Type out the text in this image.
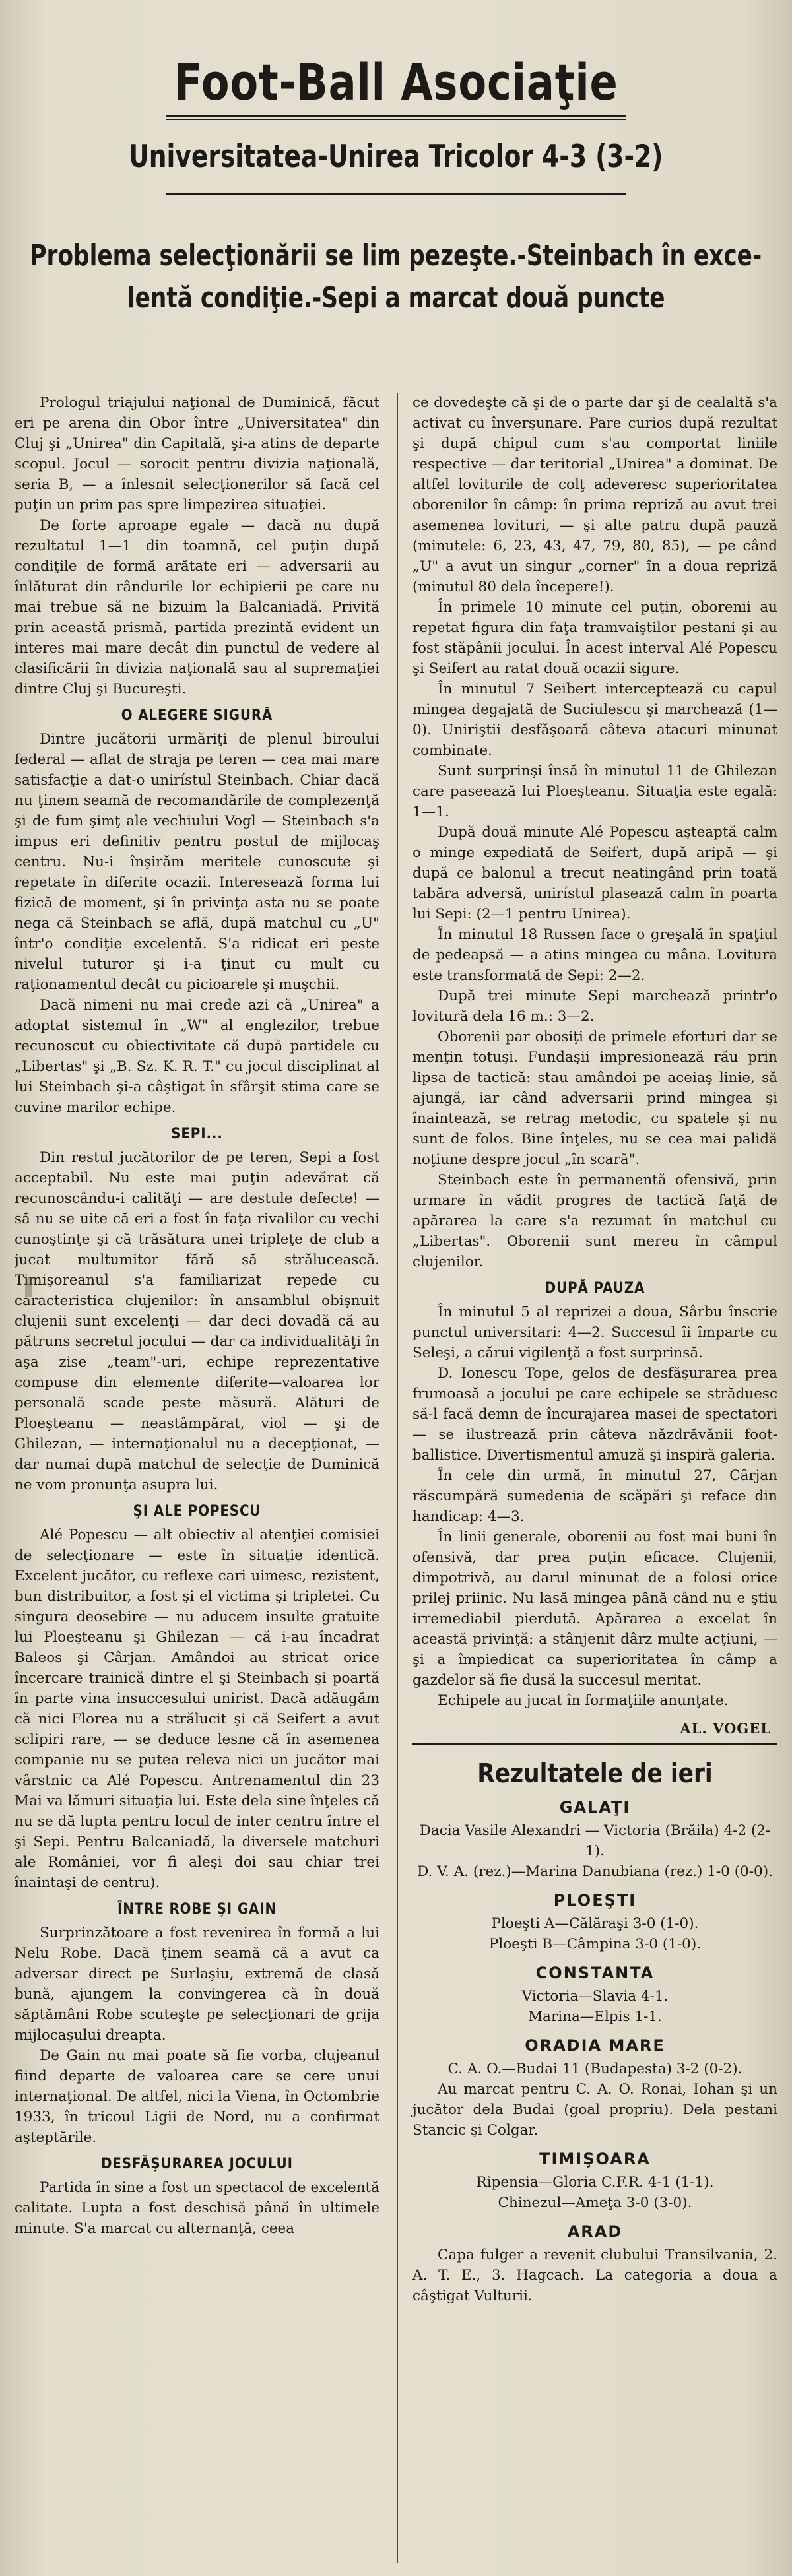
Foot-Ball Asociaţie
Universitatea-Unirea Tricolor 4-3 (3-2)
Problema selecţionării se lim pezeşte.-Steinbach în exce-
lentă condiţie.-Sepi a marcat două puncte

Prologul triajului naţional de Duminică, făcut eri pe arena din Obor între „Universitatea" din Cluj şi „Unirea" din Capitală, şi-a atins de departe scopul. Jocul — sorocit pentru divizia naţională, seria B, — a înlesnit selecţionerilor să facă cel puţin un prim pas spre limpezirea situaţiei.

De forte aproape egale — dacă nu după rezultatul 1—1 din toamnă, cel puţin după condiţile de formă arătate eri — adversarii au înlăturat din rândurile lor echipierii pe care nu mai trebue să ne bizuim la Balcaniadă. Privită prin această prismă, partida prezintă evident un interes mai mare decât din punctul de vedere al clasificării în divizia naţională sau al supremaţiei dintre Cluj şi Bucureşti.

O ALEGERE SIGURĂ

Dintre jucătorii urmăriţi de plenul biroului federal — aflat de straja pe teren — cea mai mare satisfacţie a dat-o unirístul Steinbach. Chiar dacă nu ţinem seamă de recomandările de complezenţă şi de fum şimţ ale vechiului Vogl — Steinbach s'a impus eri definitiv pentru postul de mijlocaş centru. Nu-i înşirăm meritele cunoscute şi repetate în diferite ocazii. Interesează forma lui fizică de moment, şi în privinţa asta nu se poate nega că Steinbach se află, după matchul cu „U" într'o condiţie excelentă. S'a ridicat eri peste nivelul tuturor şi i-a ţinut cu mult cu raţionamentul decât cu picioarele şi muşchii.

Dacă nimeni nu mai crede azi că „Unirea" a adoptat sistemul în „W" al englezilor, trebue recunoscut cu obiectivitate că după partidele cu „Libertas" şi „B. Sz. K. R. T." cu jocul disciplinat al lui Steinbach şi-a câştigat în sfârşit stima care se cuvine marilor echipe.

SEPI...

Din restul jucătorilor de pe teren, Sepi a fost acceptabil. Nu este mai puţin adevărat că recunoscându-i calităţi — are destule defecte! — să nu se uite că eri a fost în faţa rivalilor cu vechi cunoştinţe şi că trăsătura unei tripleţe de club a jucat multumitor fără să strălucească. Timişoreanul s'a familiarizat repede cu caracteristica clujenilor: în ansamblul obişnuit clujenii sunt excelenţi — dar deci dovadă că au pătruns secretul jocului — dar ca individualităţi în aşa zise „team"-uri, echipe reprezentative compuse din elemente diferite—valoarea lor personală scade peste măsură. Alături de Ploeşteanu — neastâmpărat, viol — şi de Ghilezan, — internaţionalul nu a decepţionat, — dar numai după matchul de selecţie de Duminică ne vom pronunţa asupra lui.

ŞI ALE POPESCU

Alé Popescu — alt obiectiv al atenţiei comisiei de selecţionare — este în situaţie identică. Excelent jucător, cu reflexe cari uimesc, rezistent, bun distribuitor, a fost şi el victima şi tripletei. Cu singura deosebire — nu aducem insulte gratuite lui Ploeşteanu şi Ghilezan — că i-au încadrat Baleos şi Cârjan. Amândoi au stricat orice încercare trainică dintre el şi Steinbach şi poartă în parte vina insuccesului unirist. Dacă adăugăm că nici Florea nu a strălucit şi că Seifert a avut sclipiri rare, — se deduce lesne că în asemenea companie nu se putea releva nici un jucător mai vârstnic ca Alé Popescu. Antrenamentul din 23 Mai va lămuri situaţia lui. Este dela sine înţeles că nu se dă lupta pentru locul de inter centru între el şi Sepi. Pentru Balcaniadă, la diversele matchuri ale României, vor fi aleşi doi sau chiar trei înaintaşi de centru).

ÎNTRE ROBE ŞI GAIN

Surprinzătoare a fost revenirea în formă a lui Nelu Robe. Dacă ţinem seamă că a avut ca adversar direct pe Surlaşiu, extremă de clasă bună, ajungem la convingerea că în două săptămâni Robe scuteşte pe selecţionari de grija mijlocaşului dreapta.

De Gain nu mai poate să fie vorba, clujeanul fiind departe de valoarea care se cere unui internaţional. De altfel, nici la Viena, în Octombrie 1933, în tricoul Ligii de Nord, nu a confirmat aşteptările.

DESFĂŞURAREA JOCULUI

Partida în sine a fost un spectacol de excelentă calitate. Lupta a fost deschisă până în ultimele minute. S'a marcat cu alternanţă, ceea

ce dovedeşte că şi de o parte dar şi de cealaltă s'a activat cu înverşunare. Pare curios după rezultat şi după chipul cum s'au comportat liniile respective — dar teritorial „Unirea" a dominat. De altfel loviturile de colţ adeveresc superioritatea oborenilor în câmp: în prima repriză au avut trei asemenea lovituri, — şi alte patru după pauză (minutele: 6, 23, 43, 47, 79, 80, 85), — pe când „U" a avut un singur „corner" în a doua repriză (minutul 80 dela începere!).

În primele 10 minute cel puţin, oborenii au repetat figura din faţa tramvaiştilor pestani şi au fost stăpânii jocului. În acest interval Alé Popescu şi Seifert au ratat două ocazii sigure.

În minutul 7 Seibert interceptează cu capul mingea degajată de Suciulescu şi marchează (1—0). Uniriştii desfăşoară câteva atacuri minunat combinate.

Sunt surprinşi însă în minutul 11 de Ghilezan care paseează lui Ploeşteanu. Situaţia este egală: 1—1.

După două minute Alé Popescu aşteaptă calm o minge expediată de Seifert, după aripă — şi după ce balonul a trecut neatingând prin toată tabăra adversă, unirístul plasează calm în poarta lui Sepi: (2—1 pentru Unirea).

În minutul 18 Russen face o greşală în spaţiul de pedeapsă — a atins mingea cu mâna. Lovitura este transformată de Sepi: 2—2.

După trei minute Sepi marchează printr'o lovitură dela 16 m.: 3—2.

Oborenii par obosiţi de primele eforturi dar se menţin totuşi. Fundaşii impresionează rău prin lipsa de tactică: stau amândoi pe aceiaş linie, să ajungă, iar când adversarii prind mingea şi înaintează, se retrag metodic, cu spatele şi nu sunt de folos. Bine înţeles, nu se cea mai palidă noţiune despre jocul „în scară".

Steinbach este în permanentă ofensivă, prin urmare în vădit progres de tactică faţă de apărarea la care s'a rezumat în matchul cu „Libertas". Oborenii sunt mereu în câmpul clujenilor.

DUPĂ PAUZA

În minutul 5 al reprizei a doua, Sârbu înscrie punctul universitari: 4—2. Succesul îi împarte cu Seleşi, a cărui vigilenţă a fost surprinsă.

D. Ionescu Tope, gelos de desfăşurarea prea frumoasă a jocului pe care echipele se străduesc să-l facă demn de încurajarea masei de spectatori — se ilustrează prin câteva năzdrăvănii foot-ballistice. Divertismentul amuză şi inspiră galeria.

În cele din urmă, în minutul 27, Cârjan răscumpără sumedenia de scăpări şi reface din handicap: 4—3.

În linii generale, oborenii au fost mai buni în ofensivă, dar prea puţin eficace. Clujenii, dimpotrivă, au darul minunat de a folosi orice prilej priinic. Nu lasă mingea până când nu e ştiu irremediabil pierdută. Apărarea a excelat în această privinţă: a stânjenit dârz multe acţiuni, — şi a împiedicat ca superioritatea în câmp a gazdelor să fie dusă la succesul meritat.

Echipele au jucat în formaţiile anunţate.

AL. VOGEL
Rezultatele de ieri
GALAŢI

Dacia Vasile Alexandri — Victoria (Brăila) 4-2 (2-1).

D. V. A. (rez.)—Marina Danubiana (rez.) 1-0 (0-0).

PLOEŞTI

Ploeşti A—Călăraşi 3-0 (1-0).

Ploeşti B—Câmpina 3-0 (1-0).

CONSTANTA

Victoria—Slavia 4-1.

Marina—Elpis 1-1.

ORADIA MARE

C. A. O.—Budai 11 (Budapesta) 3-2 (0-2).

Au marcat pentru C. A. O. Ronai, Iohan şi un jucător dela Budai (goal propriu). Dela pestani Stancic şi Colgar.

TIMIŞOARA

Ripensia—Gloria C.F.R. 4-1 (1-1).

Chinezul—Ameţa 3-0 (3-0).

ARAD

Capa fulger a revenit clubului Transilvania, 2. A. T. E., 3. Hagcach. La categoria a doua a câştigat Vulturii.
